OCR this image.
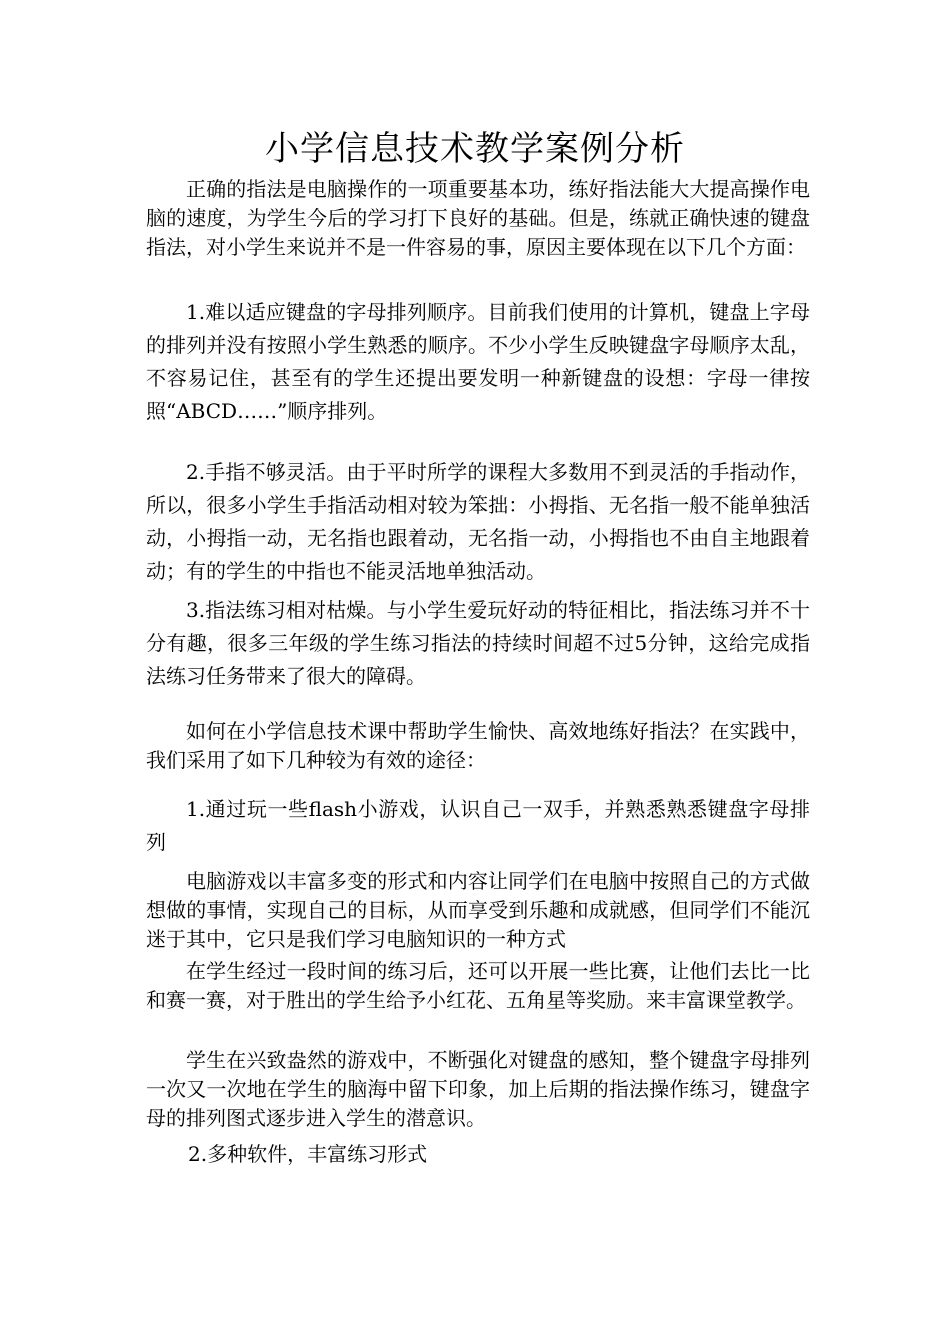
小学信息技术教学案例分析
正确的指法是电脑操作的一项重要基本功，练好指法能大大提高操作电脑的速度，为学生今后的学习打下良好的基础。但是，练就正确快速的键盘指法，对小学生来说并不是一件容易的事，原因主要体现在以下几个方面：
1.难以适应键盘的字母排列顺序。目前我们使用的计算机，键盘上字母的排列并没有按照小学生熟悉的顺序。不少小学生反映键盘字母顺序太乱，不容易记住，甚至有的学生还提出要发明一种新键盘的设想：字母一律按照“ABCD……”顺序排列。
2.手指不够灵活。由于平时所学的课程大多数用不到灵活的手指动作，所以，很多小学生手指活动相对较为笨拙：小拇指、无名指一般不能单独活动，小拇指一动，无名指也跟着动，无名指一动，小拇指也不由自主地跟着动；有的学生的中指也不能灵活地单独活动。
3.指法练习相对枯燥。与小学生爱玩好动的特征相比，指法练习并不十分有趣，很多三年级的学生练习指法的持续时间超不过5分钟，这给完成指法练习任务带来了很大的障碍。
如何在小学信息技术课中帮助学生愉快、高效地练好指法？在实践中，我们采用了如下几种较为有效的途径：
1.通过玩一些flash小游戏，认识自己一双手，并熟悉熟悉键盘字母排列
电脑游戏以丰富多变的形式和内容让同学们在电脑中按照自己的方式做想做的事情，实现自己的目标，从而享受到乐趣和成就感，但同学们不能沉迷于其中，它只是我们学习电脑知识的一种方式
在学生经过一段时间的练习后，还可以开展一些比赛，让他们去比一比和赛一赛，对于胜出的学生给予小红花、五角星等奖励。来丰富课堂教学。
学生在兴致盎然的游戏中，不断强化对键盘的感知，整个键盘字母排列一次又一次地在学生的脑海中留下印象，加上后期的指法操作练习，键盘字母的排列图式逐步进入学生的潜意识。
2.多种软件，丰富练习形式
